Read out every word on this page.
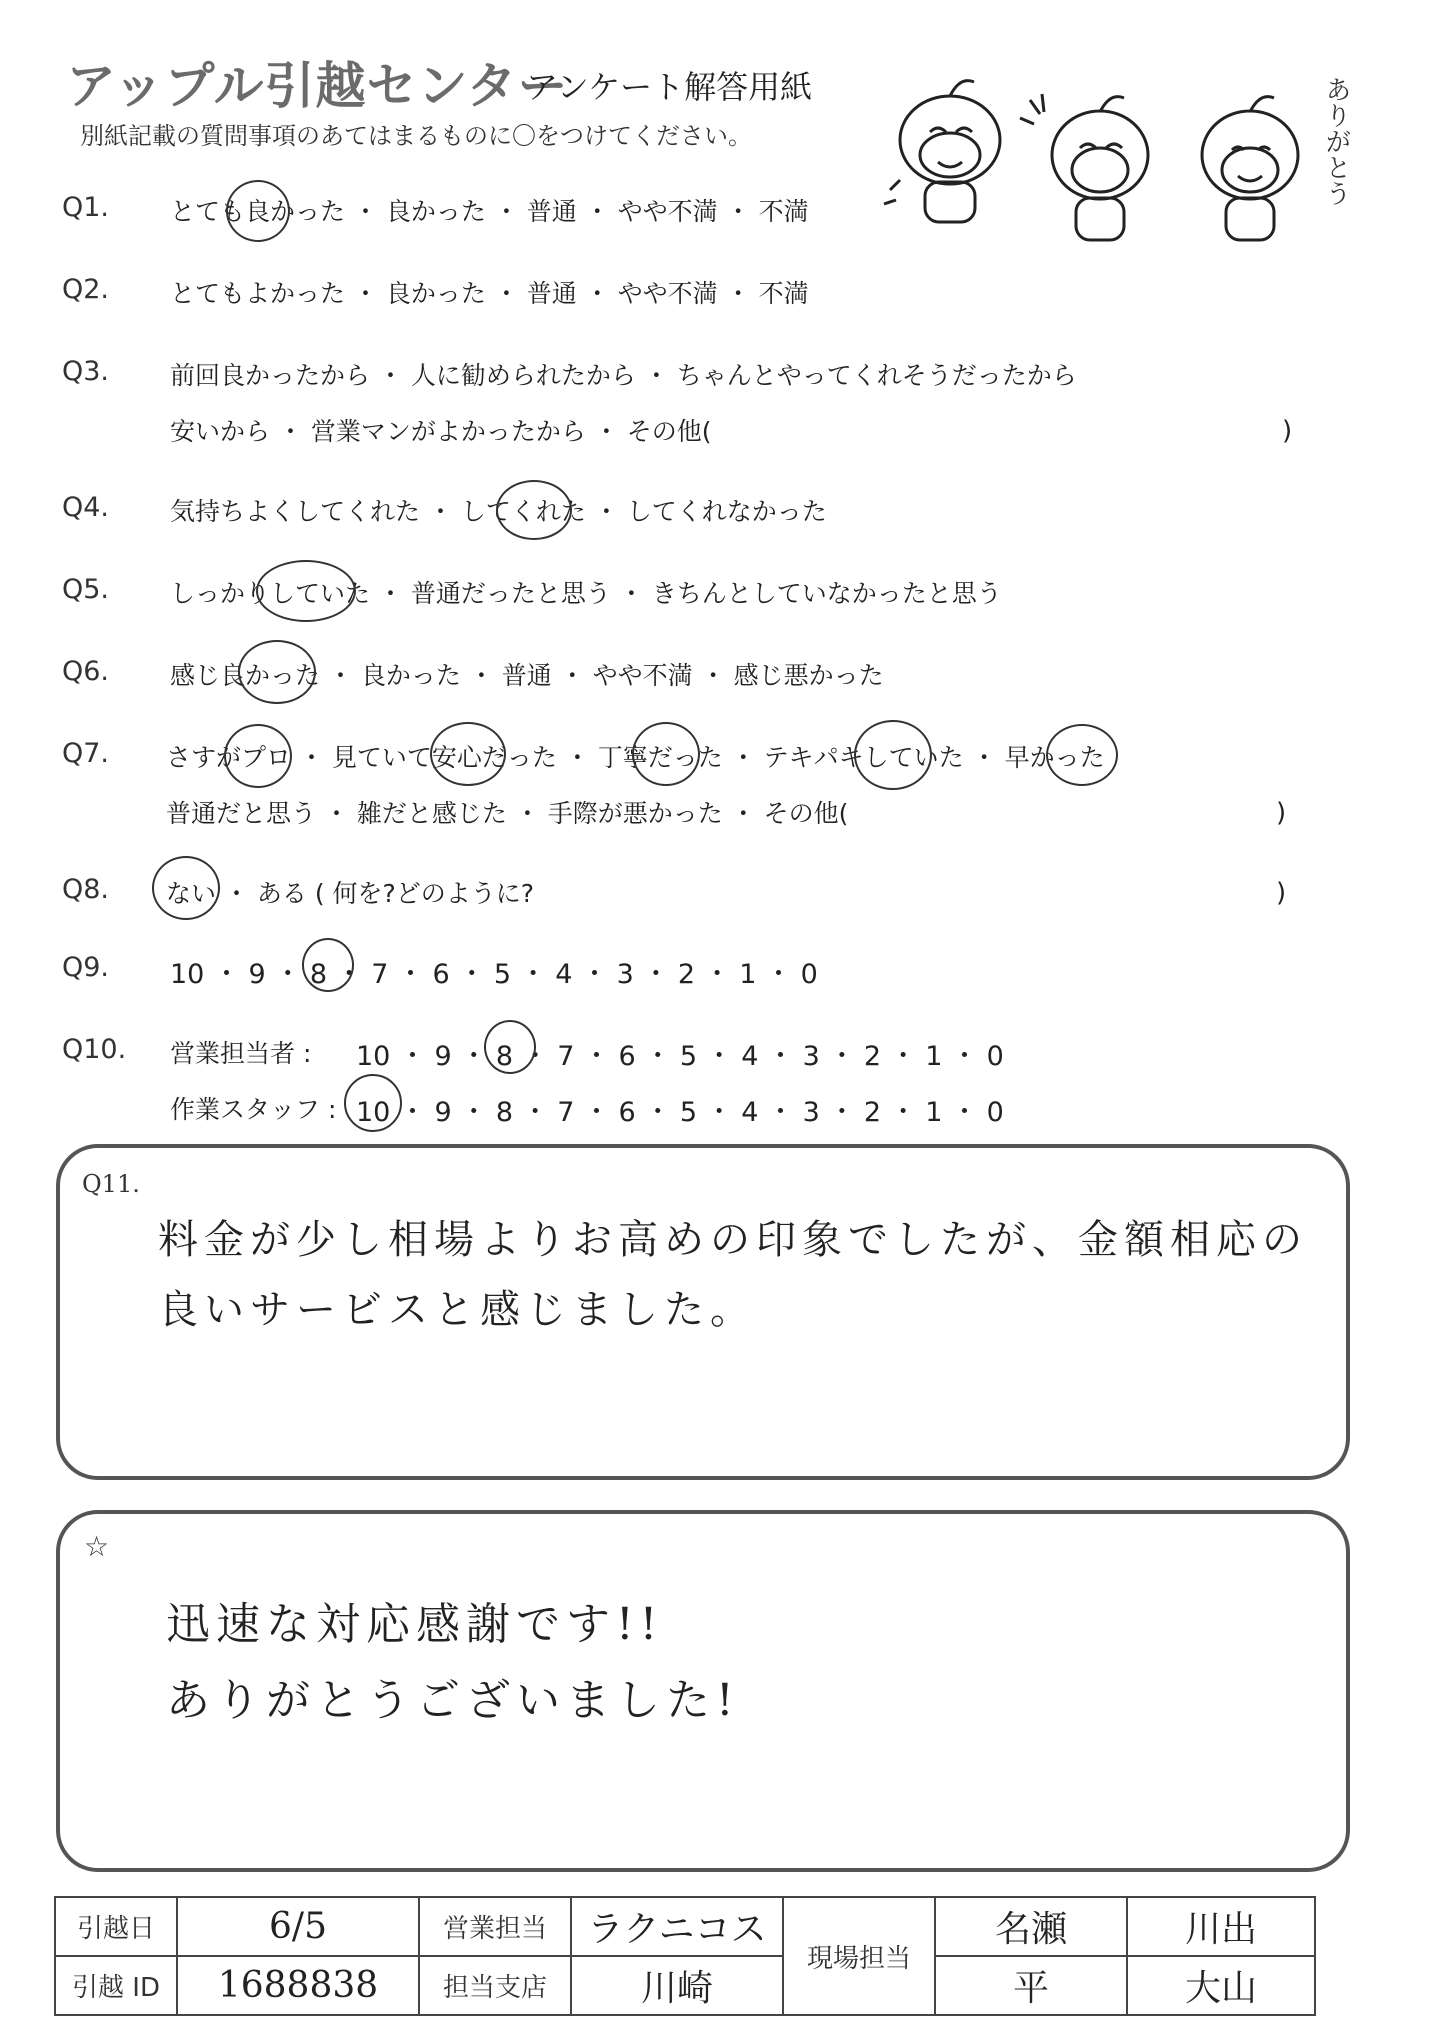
アップル引越センター
アンケート解答用紙
別紙記載の質問事項のあてはまるものに〇をつけてください。	ありがとう
Q1. とても良かった ・ 良かった ・ 普通 ・ やや不満 ・ 不満
Q2. とてもよかった ・ 良かった ・ 普通 ・ やや不満 ・ 不満
Q3. 前回良かったから ・ 人に勧められたから ・ ちゃんとやってくれそうだったから
安いから ・ 営業マンがよかったから ・ その他(	)
Q4. 気持ちよくしてくれた ・ してくれた ・ してくれなかった
Q5. しっかりしていた ・ 普通だったと思う ・ きちんとしていなかったと思う
Q6. 感じ良かった ・ 良かった ・ 普通 ・ やや不満 ・ 感じ悪かった
Q7. さすがプロ ・ 見ていて安心だった ・ 丁寧だった ・ テキパキしていた ・ 早かった
普通だと思う ・ 雑だと感じた ・ 手際が悪かった ・ その他(	)
Q8. ない ・ ある ( 何を?どのように?	)
Q9. 10 ・ 9 ・ 8 ・ 7 ・ 6 ・ 5 ・ 4 ・ 3 ・ 2 ・ 1 ・ 0
Q10. 営業担当者 : 10 ・ 9 ・ 8 ・ 7 ・ 6 ・ 5 ・ 4 ・ 3 ・ 2 ・ 1 ・ 0
作業スタッフ : 10 ・ 9 ・ 8 ・ 7 ・ 6 ・ 5 ・ 4 ・ 3 ・ 2 ・ 1 ・ 0
Q11.
料金が少し相場よりお高めの印象でしたが、金額相応の
良いサービスと感じました。
☆
迅速な対応感謝です!!
ありがとうございました!
引越日	6/5	営業担当	ラクニコス	現場担当	名瀬	川出
引越 ID	1688838	担当支店	川崎		平	大山
